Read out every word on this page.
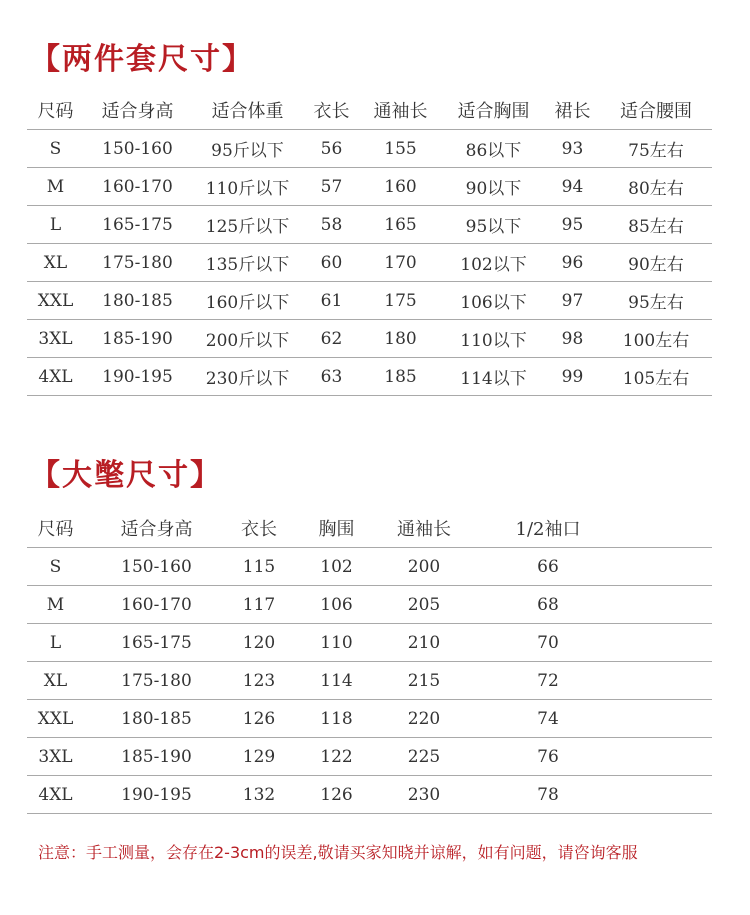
【两件套尺寸】
尺码	适合身高	适合体重	衣长	通袖长	适合胸围	裙长	适合腰围
S	150-160	95斤以下	56	155	86以下	93	75左右
M	160-170	110斤以下	57	160	90以下	94	80左右
L	165-175	125斤以下	58	165	95以下	95	85左右
XL	175-180	135斤以下	60	170	102以下	96	90左右
XXL	180-185	160斤以下	61	175	106以下	97	95左右
3XL	185-190	200斤以下	62	180	110以下	98	100左右
4XL	190-195	230斤以下	63	185	114以下	99	105左右
【大氅尺寸】
尺码	适合身高	衣长	胸围	通袖长	1/2袖口	
S	150-160	115	102	200	66	
M	160-170	117	106	205	68	
L	165-175	120	110	210	70	
XL	175-180	123	114	215	72	
XXL	180-185	126	118	220	74	
3XL	185-190	129	122	225	76	
4XL	190-195	132	126	230	78	
注意：手工测量，会存在2-3cm的误差,敬请买家知晓并谅解，如有问题，请咨询客服
